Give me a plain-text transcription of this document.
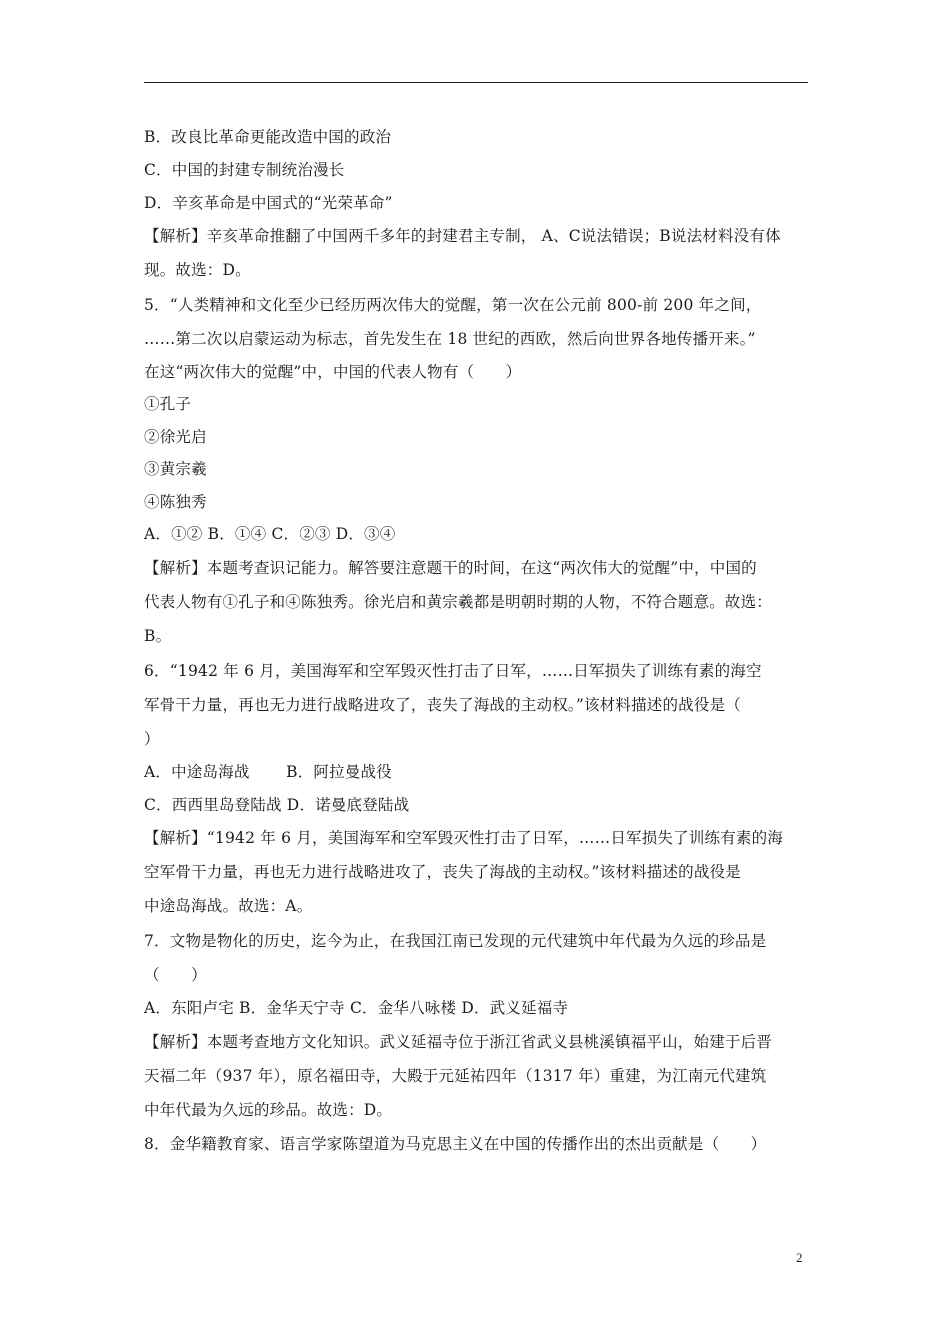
B．改良比革命更能改造中国的政治
C．中国的封建专制统治漫长
D．辛亥革命是中国式的“光荣革命”
【解析】辛亥革命推翻了中国两千多年的封建君主专制， A、C说法错误；B说法材料没有体
现。故选：D。
5．“人类精神和文化至少已经历两次伟大的觉醒，第一次在公元前 800-前 200 年之间，
……第二次以启蒙运动为标志，首先发生在 18 世纪的西欧，然后向世界各地传播开来。”
在这“两次伟大的觉醒”中，中国的代表人物有（　　）
①孔子
②徐光启
③黄宗羲
④陈独秀
A．①② B．①④ C．②③ D．③④
【解析】本题考查识记能力。解答要注意题干的时间，在这“两次伟大的觉醒”中，中国的
代表人物有①孔子和④陈独秀。徐光启和黄宗羲都是明朝时期的人物，不符合题意。故选：
B。
6．“1942 年 6 月，美国海军和空军毁灭性打击了日军，……日军损失了训练有素的海空
军骨干力量，再也无力进行战略进攻了，丧失了海战的主动权。”该材料描述的战役是（
）
A．中途岛海战　　 B．阿拉曼战役
C．西西里岛登陆战 D．诺曼底登陆战
【解析】“1942 年 6 月，美国海军和空军毁灭性打击了日军，……日军损失了训练有素的海
空军骨干力量，再也无力进行战略进攻了，丧失了海战的主动权。”该材料描述的战役是
中途岛海战。故选：A。
7．文物是物化的历史，迄今为止，在我国江南已发现的元代建筑中年代最为久远的珍品是
（　　）
A．东阳卢宅 B．金华天宁寺 C．金华八咏楼 D．武义延福寺
【解析】本题考查地方文化知识。武义延福寺位于浙江省武义县桃溪镇福平山，始建于后晋
天福二年（937 年），原名福田寺，大殿于元延祐四年（1317 年）重建，为江南元代建筑
中年代最为久远的珍品。故选：D。
8．金华籍教育家、语言学家陈望道为马克思主义在中国的传播作出的杰出贡献是（　　）
2
